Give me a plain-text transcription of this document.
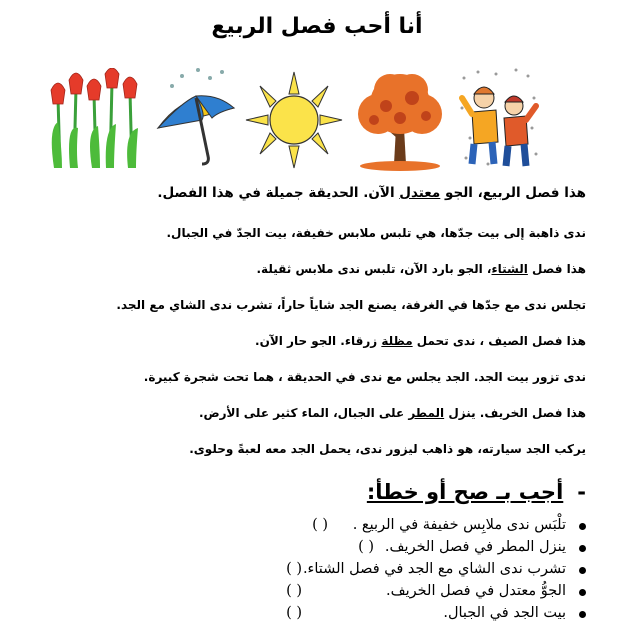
أنا أحب فصل الربيع
هذا فصل الربيع، الجو معتدل الآن. الحديقة جميلة في هذا الفصل.
ندى ذاهبة إلى بيت جدّها، هي تلبس ملابس خفيفة، بيت الجدّ في الجبال.
هذا فصل الشتاء، الجو بارد الآن، تلبس ندى ملابس ثقيلة.
تجلس ندى مع جدّها في الغرفة، يصنع الجد شاياً حاراً، تشرب ندى الشاي مع الجد.
هذا فصل الصيف ، ندى تحمل مظلة زرقاء. الجو حار الآن.
ندى تزور بيت الجد. الجد يجلس مع ندى في الحديقة ، هما تحت شجرة كبيرة.
هذا فصل الخريف. ينزل المطر على الجبال، الماء كثير على الأرض.
يركب الجد سيارته، هو ذاهب ليزور ندى، يحمل الجد معه لعبةً وحلوى.
-أجب بـ صح أو خطأ:
تلْبَس ندى ملابِس خفيفة في الربيع .
( )
ينزل المطر في فصل الخريف.
( )
تشرب ندى الشاي مع الجد في فصل الشتاء.
( )
الجوُّ معتدل في فصل الخريف.
( )
بيت الجد في الجبال.
( )
